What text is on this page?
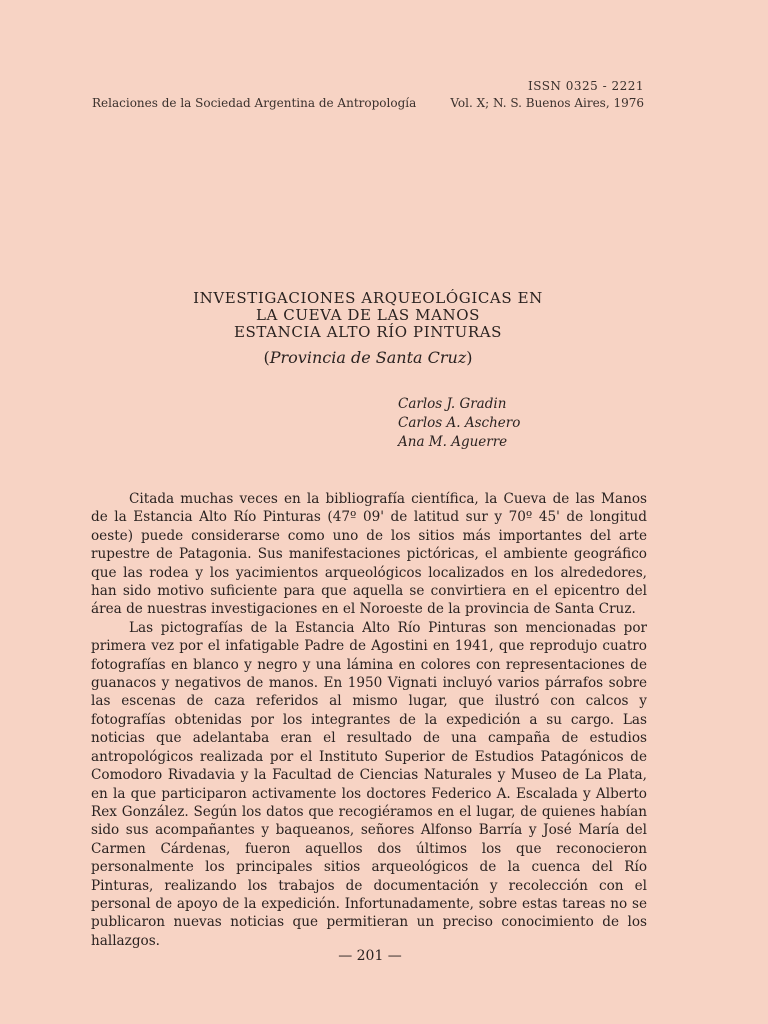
ISSN 0325 - 2221
Relaciones de la Sociedad Argentina de Antropología	Vol. X; N. S. Buenos Aires, 1976
INVESTIGACIONES ARQUEOLÓGICAS EN
LA CUEVA DE LAS MANOS
ESTANCIA ALTO RÍO PINTURAS
(Provincia de Santa Cruz)
Carlos J. Gradin
Carlos A. Aschero
Ana M. Aguerre

Citada muchas veces en la bibliografía científica, la Cueva de las Manos de la Estancia Alto Río Pinturas (47º 09' de latitud sur y 70º 45' de longitud oeste) puede considerarse como uno de los sitios más importantes del arte rupestre de Patagonia. Sus manifestaciones pictóricas, el ambiente geográfico que las rodea y los yacimientos arqueológicos localizados en los alrededores, han sido motivo suficiente para que aquella se convirtiera en el epicentro del área de nuestras investigaciones en el Noroeste de la provincia de Santa Cruz.

Las pictografías de la Estancia Alto Río Pinturas son mencionadas por primera vez por el infatigable Padre de Agostini en 1941, que reprodujo cuatro fotografías en blanco y negro y una lámina en colores con representaciones de guanacos y negativos de manos. En 1950 Vignati incluyó varios párrafos sobre las escenas de caza referidos al mismo lugar, que ilustró con calcos y fotografías obtenidas por los integrantes de la expedición a su cargo. Las noticias que adelantaba eran el resultado de una campaña de estudios antropológicos realizada por el Instituto Superior de Estudios Patagónicos de Comodoro Rivadavia y la Facultad de Ciencias Naturales y Museo de La Plata, en la que participaron activamente los doctores Federico A. Escalada y Alberto Rex González. Según los datos que recogiéramos en el lugar, de quienes habían sido sus acompañantes y baqueanos, señores Alfonso Barría y José María del Carmen Cárdenas, fueron aquellos dos últimos los que reconocieron personalmente los principales sitios arqueológicos de la cuenca del Río Pinturas, realizando los trabajos de documentación y recolección con el personal de apoyo de la expedición. Infortunadamente, sobre estas tareas no se publicaron nuevas noticias que permitieran un preciso conocimiento de los hallazgos.

— 201 —
